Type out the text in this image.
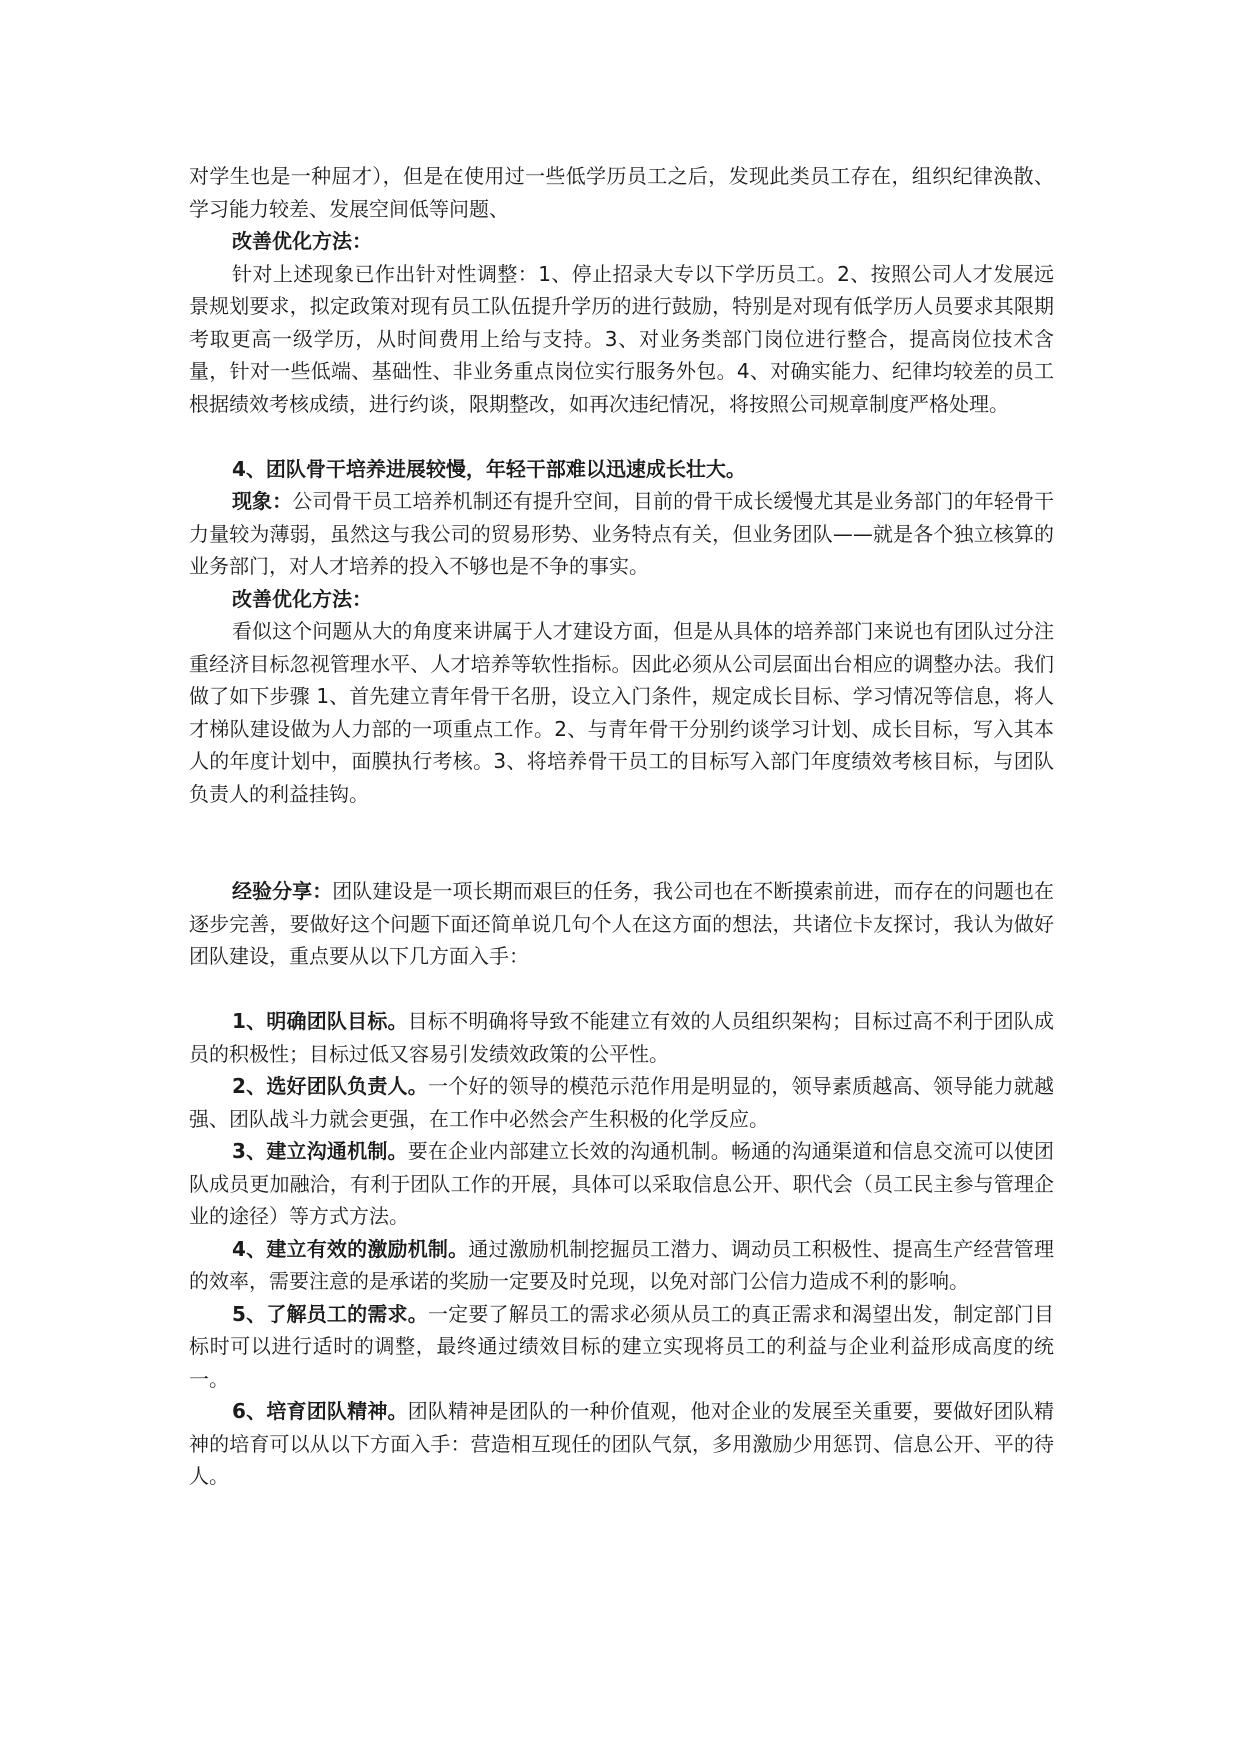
对学生也是一种屈才），但是在使用过一些低学历员工之后，发现此类员工存在，组织纪律涣散、学习能力较差、发展空间低等问题、

改善优化方法：

针对上述现象已作出针对性调整：1、停止招录大专以下学历员工。2、按照公司人才发展远景规划要求，拟定政策对现有员工队伍提升学历的进行鼓励，特别是对现有低学历人员要求其限期考取更高一级学历，从时间费用上给与支持。3、对业务类部门岗位进行整合，提高岗位技术含量，针对一些低端、基础性、非业务重点岗位实行服务外包。4、对确实能力、纪律均较差的员工根据绩效考核成绩，进行约谈，限期整改，如再次违纪情况，将按照公司规章制度严格处理。

4、团队骨干培养进展较慢，年轻干部难以迅速成长壮大。

现象：公司骨干员工培养机制还有提升空间，目前的骨干成长缓慢尤其是业务部门的年轻骨干力量较为薄弱，虽然这与我公司的贸易形势、业务特点有关，但业务团队——就是各个独立核算的业务部门，对人才培养的投入不够也是不争的事实。

改善优化方法：

看似这个问题从大的角度来讲属于人才建设方面，但是从具体的培养部门来说也有团队过分注重经济目标忽视管理水平、人才培养等软性指标。因此必须从公司层面出台相应的调整办法。我们做了如下步骤 1、首先建立青年骨干名册，设立入门条件，规定成长目标、学习情况等信息，将人才梯队建设做为人力部的一项重点工作。2、与青年骨干分别约谈学习计划、成长目标，写入其本人的年度计划中，面膜执行考核。3、将培养骨干员工的目标写入部门年度绩效考核目标，与团队负责人的利益挂钩。

经验分享：团队建设是一项长期而艰巨的任务，我公司也在不断摸索前进，而存在的问题也在逐步完善，要做好这个问题下面还简单说几句个人在这方面的想法，共诸位卡友探讨，我认为做好团队建设，重点要从以下几方面入手：

1、明确团队目标。目标不明确将导致不能建立有效的人员组织架构；目标过高不利于团队成员的积极性；目标过低又容易引发绩效政策的公平性。

2、选好团队负责人。一个好的领导的模范示范作用是明显的，领导素质越高、领导能力就越强、团队战斗力就会更强，在工作中必然会产生积极的化学反应。

3、建立沟通机制。要在企业内部建立长效的沟通机制。畅通的沟通渠道和信息交流可以使团队成员更加融洽，有利于团队工作的开展，具体可以采取信息公开、职代会（员工民主参与管理企业的途径）等方式方法。

4、建立有效的激励机制。通过激励机制挖掘员工潜力、调动员工积极性、提高生产经营管理的效率，需要注意的是承诺的奖励一定要及时兑现，以免对部门公信力造成不利的影响。

5、了解员工的需求。一定要了解员工的需求必须从员工的真正需求和渴望出发，制定部门目标时可以进行适时的调整，最终通过绩效目标的建立实现将员工的利益与企业利益形成高度的统一。

6、培育团队精神。团队精神是团队的一种价值观，他对企业的发展至关重要，要做好团队精神的培育可以从以下方面入手：营造相互现任的团队气氛，多用激励少用惩罚、信息公开、平的待人。
